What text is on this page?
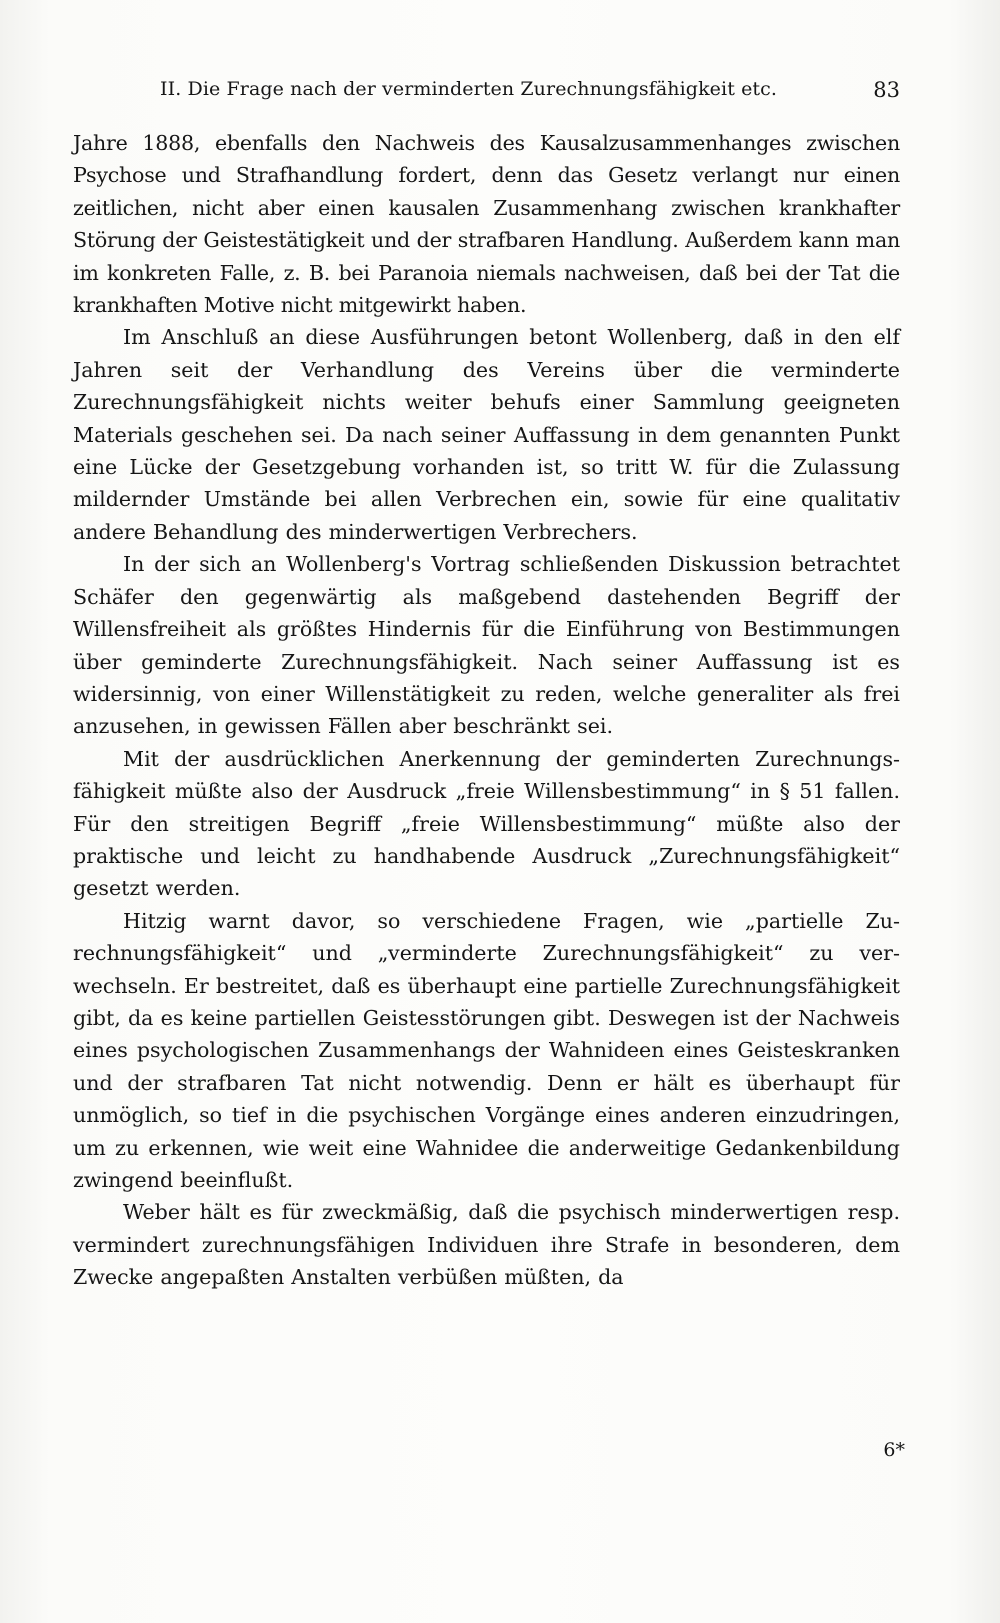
II. Die Frage nach der verminderten Zurechnungsfähigkeit etc.	83

Jahre 1888, ebenfalls den Nachweis des Kausalzusammenhanges zwischen Psychose und Strafhandlung fordert, denn das Gesetz verlangt nur einen zeitlichen, nicht aber einen kausalen Zusammenhang zwischen krankhafter Störung der Geistestätigkeit und der strafbaren Handlung. Außerdem kann man im konkreten Falle, z. B. bei Paranoia niemals nachweisen, daß bei der Tat die krankhaften Motive nicht mitgewirkt haben.

Im Anschluß an diese Ausführungen betont Wollenberg, daß in den elf Jahren seit der Verhandlung des Vereins über die verminderte Zurechnungsfähigkeit nichts weiter behufs einer Sammlung geeigneten Materials geschehen sei. Da nach seiner Auffassung in dem genannten Punkt eine Lücke der Gesetzgebung vorhanden ist, so tritt W. für die Zulassung mildernder Umstände bei allen Verbrechen ein, sowie für eine qualitativ andere Behandlung des minderwertigen Verbrechers.

In der sich an Wollenberg's Vortrag schließenden Diskussion betrachtet Schäfer den gegenwärtig als maßgebend dastehenden Begriff der Willensfreiheit als größtes Hindernis für die Einführung von Bestimmungen über geminderte Zurechnungsfähigkeit. Nach seiner Auffassung ist es widersinnig, von einer Willenstätigkeit zu reden, welche generaliter als frei anzusehen, in gewissen Fällen aber beschränkt sei.

Mit der ausdrücklichen Anerkennung der geminderten Zurechnungsfähigkeit müßte also der Ausdruck „freie Willensbestimmung“ in § 51 fallen. Für den streitigen Begriff „freie Willensbestimmung“ müßte also der praktische und leicht zu handhabende Ausdruck „Zurechnungsfähigkeit“ gesetzt werden.

Hitzig warnt davor, so verschiedene Fragen, wie „partielle Zurechnungsfähigkeit“ und „verminderte Zurechnungsfähigkeit“ zu verwechseln. Er bestreitet, daß es überhaupt eine partielle Zurechnungsfähigkeit gibt, da es keine partiellen Geistesstörungen gibt. Deswegen ist der Nachweis eines psychologischen Zusammenhangs der Wahnideen eines Geisteskranken und der strafbaren Tat nicht notwendig. Denn er hält es überhaupt für unmöglich, so tief in die psychischen Vorgänge eines anderen einzudringen, um zu erkennen, wie weit eine Wahnidee die anderweitige Gedankenbildung zwingend beeinflußt.

Weber hält es für zweckmäßig, daß die psychisch minderwertigen resp. vermindert zurechnungsfähigen Individuen ihre Strafe in besonderen, dem Zwecke angepaßten Anstalten verbüßen müßten, da

6*
